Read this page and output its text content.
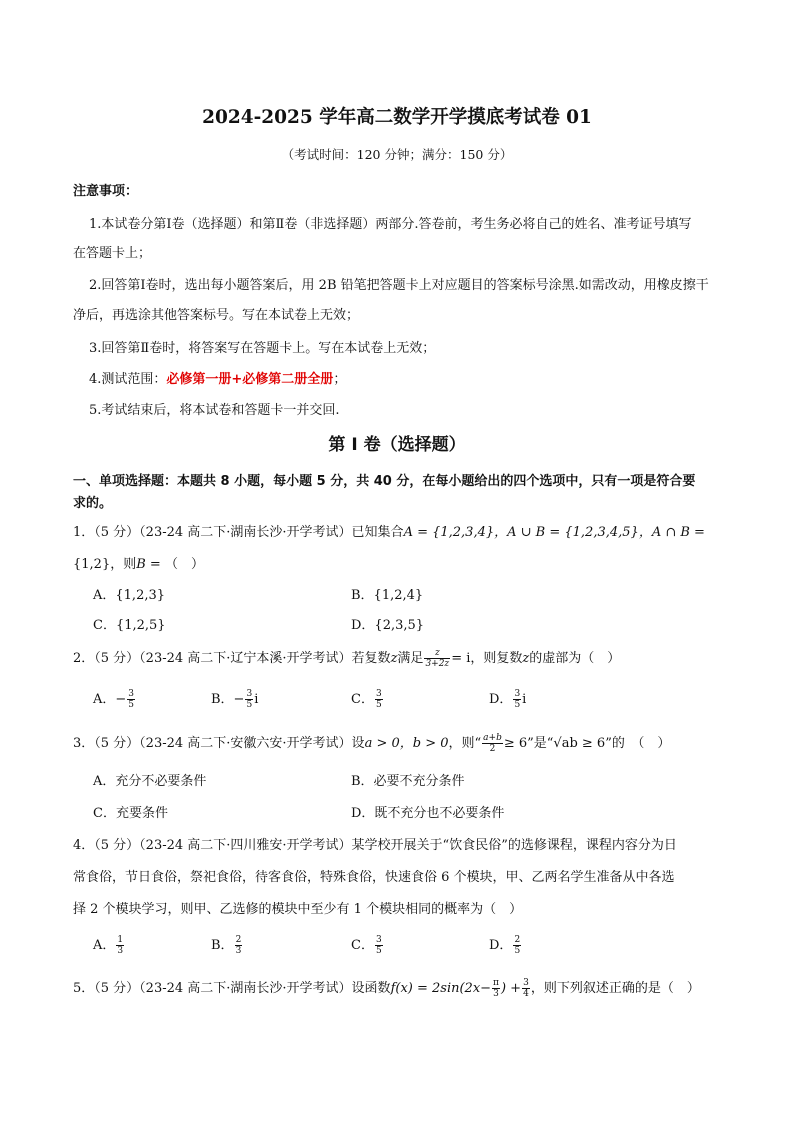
2024-2025 学年高二数学开学摸底考试卷 01
（考试时间：120 分钟；满分：150 分）
注意事项：
1.本试卷分第Ⅰ卷（选择题）和第Ⅱ卷（非选择题）两部分.答卷前，考生务必将自己的姓名、准考证号填写
在答题卡上；
2.回答第Ⅰ卷时，选出每小题答案后，用 2B 铅笔把答题卡上对应题目的答案标号涂黑.如需改动，用橡皮擦干
净后，再选涂其他答案标号。写在本试卷上无效；
3.回答第Ⅱ卷时，将答案写在答题卡上。写在本试卷上无效；
4.测试范围：必修第一册+必修第二册全册；
5.考试结束后，将本试卷和答题卡一并交回.
第 I 卷（选择题）
一、单项选择题：本题共 8 小题，每小题 5 分，共 40 分，在每小题给出的四个选项中，只有一项是符合要
求的。
1．（5 分）（23-24 高二下·湖南长沙·开学考试）已知集合A = {1,2,3,4}，A ∪ B = {1,2,3,4,5}，A ∩ B =
{1,2}，则B = （　）
A．{1,2,3}	B．{1,2,4}
C．{1,2,5}	D．{2,3,5}
2．（5 分）（23-24 高二下·辽宁本溪·开学考试）若复数z满足 $\frac{z}{3+2z} = i$，则复数z的虚部为（　）
A．− $\frac{3}{5}$	B．− $\frac{3}{5}$ i	C． $\frac{3}{5}$	D． $\frac{3}{5}$ i
3．（5 分）（23-24 高二下·安徽六安·开学考试）设a > 0，b > 0，则“ $\frac{a+b}{2} \ge 6$”是“√ab ≥ 6”的　（　）
A．充分不必要条件	B．必要不充分条件
C．充要条件	D．既不充分也不必要条件
4．（5 分）（23-24 高二下·四川雅安·开学考试）某学校开展关于“饮食民俗”的选修课程，课程内容分为日
常食俗，节日食俗，祭祀食俗，待客食俗，特殊食俗，快速食俗 6 个模块，甲、乙两名学生准备从中各选
择 2 个模块学习，则甲、乙选修的模块中至少有 1 个模块相同的概率为（　）
A． $\frac{1}{3}$	B． $\frac{2}{3}$	C． $\frac{3}{5}$	D． $\frac{2}{5}$
5．（5 分）（23-24 高二下·湖南长沙·开学考试）设函数$f(x) = 2\sin(2x- \frac{\pi}{3}$ ) + $\frac{3}{4}$ ，则下列叙述正确的是（　）
